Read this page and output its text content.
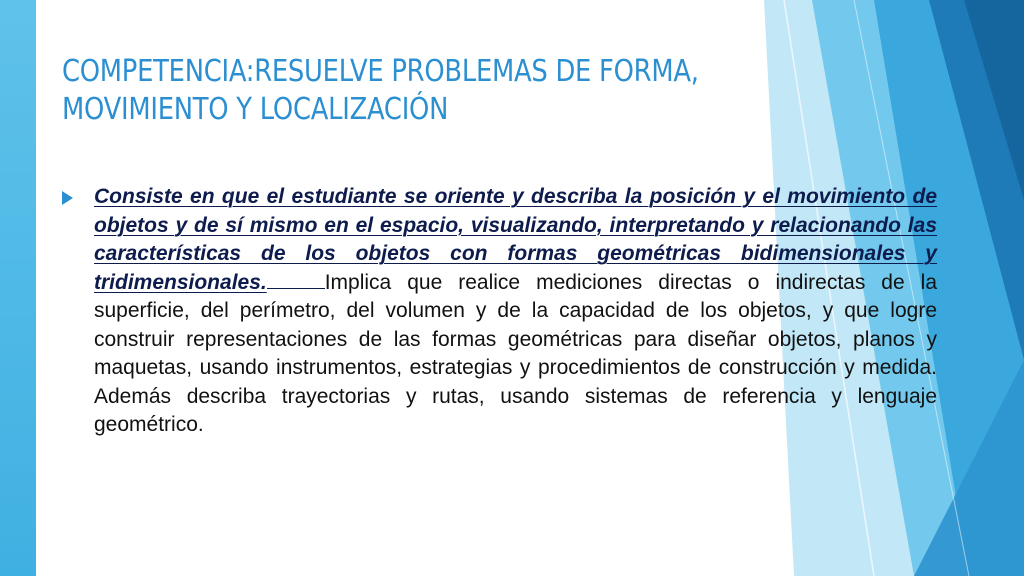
COMPETENCIA:RESUELVE PROBLEMAS DE FORMA, MOVIMIENTO Y LOCALIZACIÓN

Consiste en que el estudiante se oriente y describa la posición y el movimiento de objetos y de sí mismo en el espacio, visualizando, interpretando y relacionando las características de los objetos con formas geométricas bidimensionales y tridimensionales.	Implica que realice mediciones directas o indirectas de la superficie, del perímetro, del volumen y de la capacidad de los objetos, y que logre construir representaciones de las formas geométricas para diseñar objetos, planos y maquetas, usando instrumentos, estrategias y procedimientos de construcción y medida. Además describa trayectorias y rutas, usando sistemas de referencia y lenguaje geométrico.
